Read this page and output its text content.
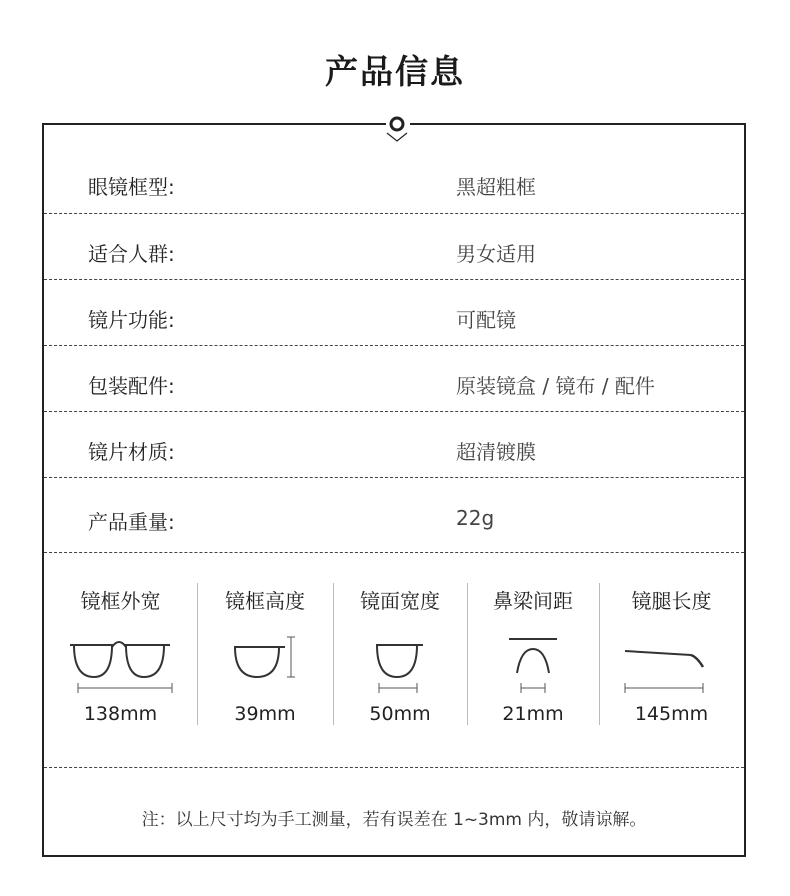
产品信息
眼镜框型:	黑超粗框
适合人群:	男女适用
镜片功能:	可配镜
包装配件:	原装镜盒 / 镜布 / 配件
镜片材质:	超清镀膜
产品重量:	22g
镜框外宽
138mm
镜框高度
39mm
镜面宽度
50mm
鼻梁间距
21mm
镜腿长度
145mm
注：以上尺寸均为手工测量，若有误差在 1~3mm 内，敬请谅解。
